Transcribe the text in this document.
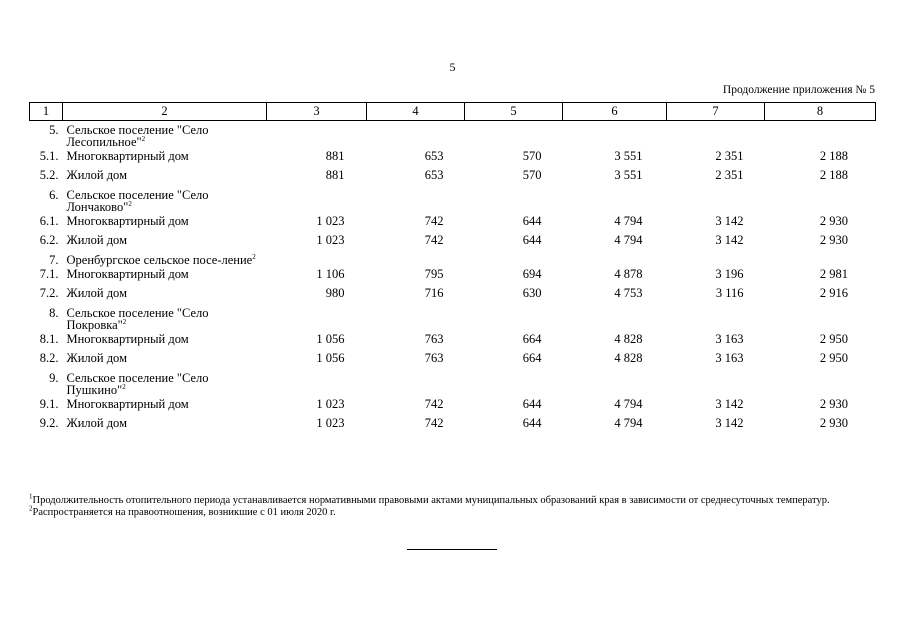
5
Продолжение приложения № 5
1	2	3	4	5	6	7	8
5.	Сельское поселение "Село Лесопильное"$^2$						
5.1.	Многоквартирный дом	881	653	570	3 551	2 351	2 188
5.2.	Жилой дом	881	653	570	3 551	2 351	2 188
6.	Сельское поселение "Село Лончаково"$^2$						
6.1.	Многоквартирный дом	1 023	742	644	4 794	3 142	2 930
6.2.	Жилой дом	1 023	742	644	4 794	3 142	2 930
7.	Оренбургское сельское посе-ление$^2$						
7.1.	Многоквартирный дом	1 106	795	694	4 878	3 196	2 981
7.2.	Жилой дом	980	716	630	4 753	3 116	2 916
8.	Сельское поселение "Село Покровка"$^2$						
8.1.	Многоквартирный дом	1 056	763	664	4 828	3 163	2 950
8.2.	Жилой дом	1 056	763	664	4 828	3 163	2 950
9.	Сельское поселение "Село Пушкино"$^2$						
9.1.	Многоквартирный дом	1 023	742	644	4 794	3 142	2 930
9.2.	Жилой дом	1 023	742	644	4 794	3 142	2 930
$^1$Продолжительность отопительного периода устанавливается нормативными правовыми актами муниципальных образований края в зависимости от среднесуточных температур.
$^2$Распространяется на правоотношения, возникшие с 01 июля 2020 г.
